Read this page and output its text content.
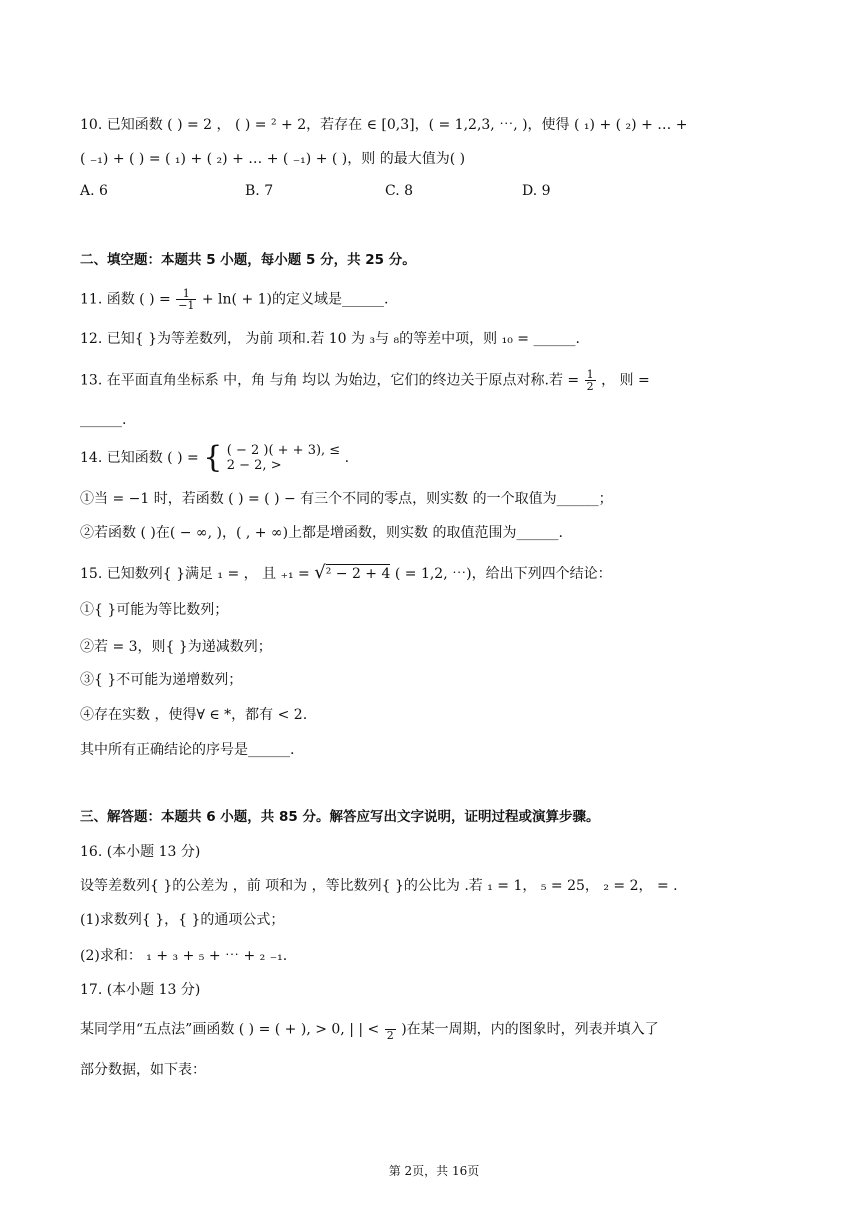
10. 已知函数 ( ) = 2 ， ( ) = ² + 2，若存在 ∈ [0,3]，( = 1,2,3, ⋯, )，使得 ( ₁) + ( ₂) + … +
( ₋₁) + ( ) = ( ₁) + ( ₂) + … + ( ₋₁) + ( )，则 的最大值为( )
A. 6	B. 7	C. 8	D. 9
二、填空题：本题共 5 小题，每小题 5 分，共 25 分。
11. 函数 ( ) = $\frac{1}{-1} + \ln( + 1)$的定义域是______.
12. 已知{ }为等差数列， 为前 项和.若 10 为 ₃与 ₈的等差中项，则 ₁₀ = ______.
13. 在平面直角坐标系 中，角 与角 均以 为始边，它们的终边关于原点对称.若 = $\frac{1}{2}$ ， 则 =
______.
14. 已知函数 ( ) = { ( − 2 )( + + 3), ≤
2 − 2, >	.
①当 = −1 时，若函数 ( ) = ( ) − 有三个不同的零点，则实数 的一个取值为______；
②若函数 ( )在( − ∞, )，( , + ∞)上都是增函数，则实数 的取值范围为______.
15. 已知数列{ }满足 ₁ = ， 且 ₊₁ = √² − 2 + 4 ( = 1,2, ⋯)，给出下列四个结论：
①{ }可能为等比数列；
②若 = 3，则{ }为递减数列；
③{ }不可能为递增数列；
④存在实数 ，使得∀ ∈ *，都有 < 2.
其中所有正确结论的序号是______.
三、解答题：本题共 6 小题，共 85 分。解答应写出文字说明，证明过程或演算步骤。
16. (本小题 13 分)
设等差数列{ }的公差为 ，前 项和为 ，等比数列{ }的公比为 .若 ₁ = 1， ₅ = 25， ₂ = 2， = .
(1)求数列{ }，{ }的通项公式；
(2)求和： ₁ + ₃ + ₅ + ⋯ + ₂ ₋₁.
17. (本小题 13 分)
某同学用“五点法”画函数 ( ) = ( + ), > 0, | | < 2 )在某一周期，内的图象时，列表并填入了
部分数据，如下表：
第 2页，共 16页
